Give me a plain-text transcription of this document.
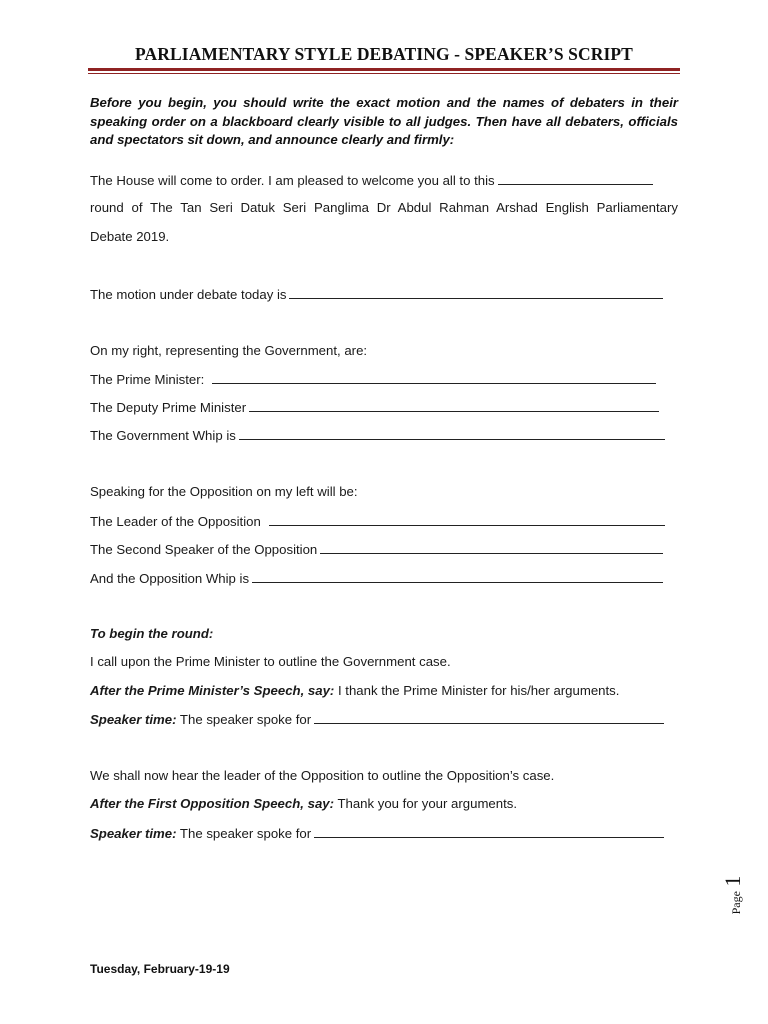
PARLIAMENTARY STYLE DEBATING - SPEAKER’S SCRIPT
Before you begin, you should write the exact motion and the names of debaters in their speaking order on a blackboard clearly visible to all judges. Then have all debaters, officials and spectators sit down, and announce clearly and firmly:
The House will come to order. I am pleased to welcome you all to this
round of The Tan Seri Datuk Seri Panglima Dr Abdul Rahman Arshad English Parliamentary
Debate 2019.
The motion under debate today is
On my right, representing the Government, are:
The Prime Minister:
The Deputy Prime Minister
The Government Whip is
Speaking for the Opposition on my left will be:
The Leader of the Opposition
The Second Speaker of the Opposition
And the Opposition Whip is
To begin the round:
I call upon the Prime Minister to outline the Government case.
After the Prime Minister’s Speech, say: I thank the Prime Minister for his/her arguments.
Speaker time: The speaker spoke for
We shall now hear the leader of the Opposition to outline the Opposition’s case.
After the First Opposition Speech, say: Thank you for your arguments.
Speaker time: The speaker spoke for
Page 1
Tuesday, February-19-19
